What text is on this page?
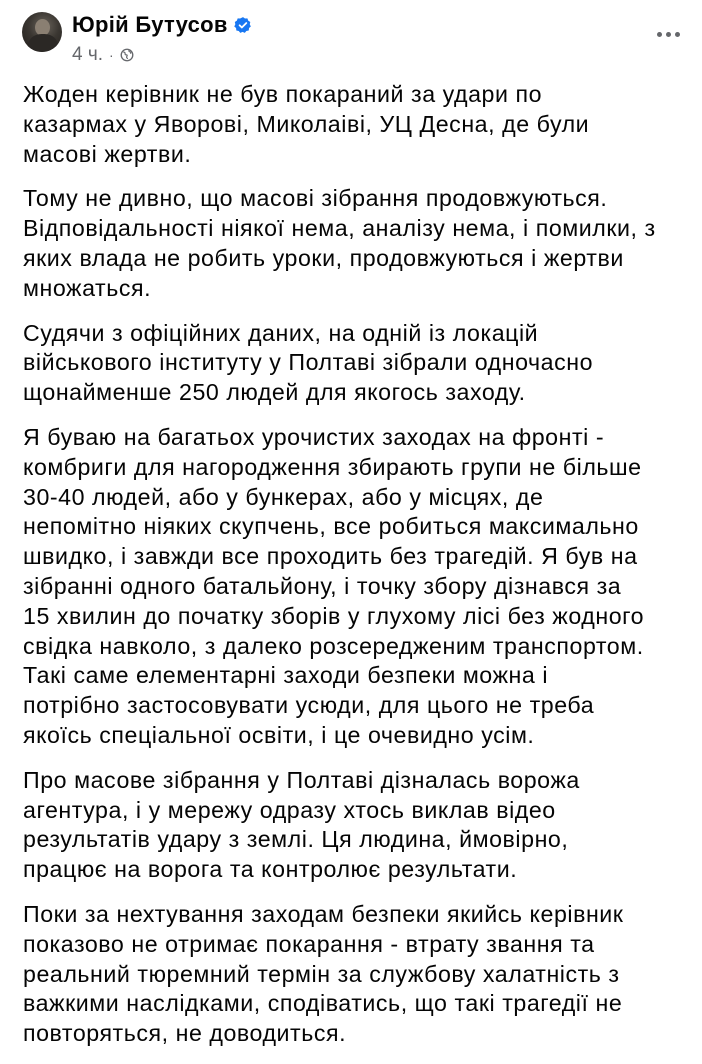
Юрій Бутусов
4 ч. ·

Жоден керівник не був покараний за удари по
казармах у Яворові, Миколаіві, УЦ Десна, де були
масові жертви.

Тому не дивно, що масові зібрання продовжуються.
Відповідальності ніякої нема, аналізу нема, і помилки, з
яких влада не робить уроки, продовжуються і жертви
множаться.

Судячи з офіційних даних, на одній із локацій
військового інституту у Полтаві зібрали одночасно
щонайменше 250 людей для якогось заходу.

Я буваю на багатьох урочистих заходах на фронті -
комбриги для нагородження збирають групи не більше
30-40 людей, або у бункерах, або у місцях, де
непомітно ніяких скупчень, все робиться максимально
швидко, і завжди все проходить без трагедій. Я був на
зібранні одного батальйону, і точку збору дізнався за
15 хвилин до початку зборів у глухому лісі без жодного
свідка навколо, з далеко розсередженим транспортом.
Такі саме елементарні заходи безпеки можна і
потрібно застосовувати усюди, для цього не треба
якоїсь спеціальної освіти, і це очевидно усім.

Про масове зібрання у Полтаві дізналась ворожа
агентура, і у мережу одразу хтось виклав відео
результатів удару з землі. Ця людина, ймовірно,
працює на ворога та контролює результати.

Поки за нехтування заходам безпеки якийсь керівник
показово не отримає покарання - втрату звання та
реальний тюремний термін за службову халатність з
важкими наслідками, сподіватись, що такі трагедії не
повторяться, не доводиться.
